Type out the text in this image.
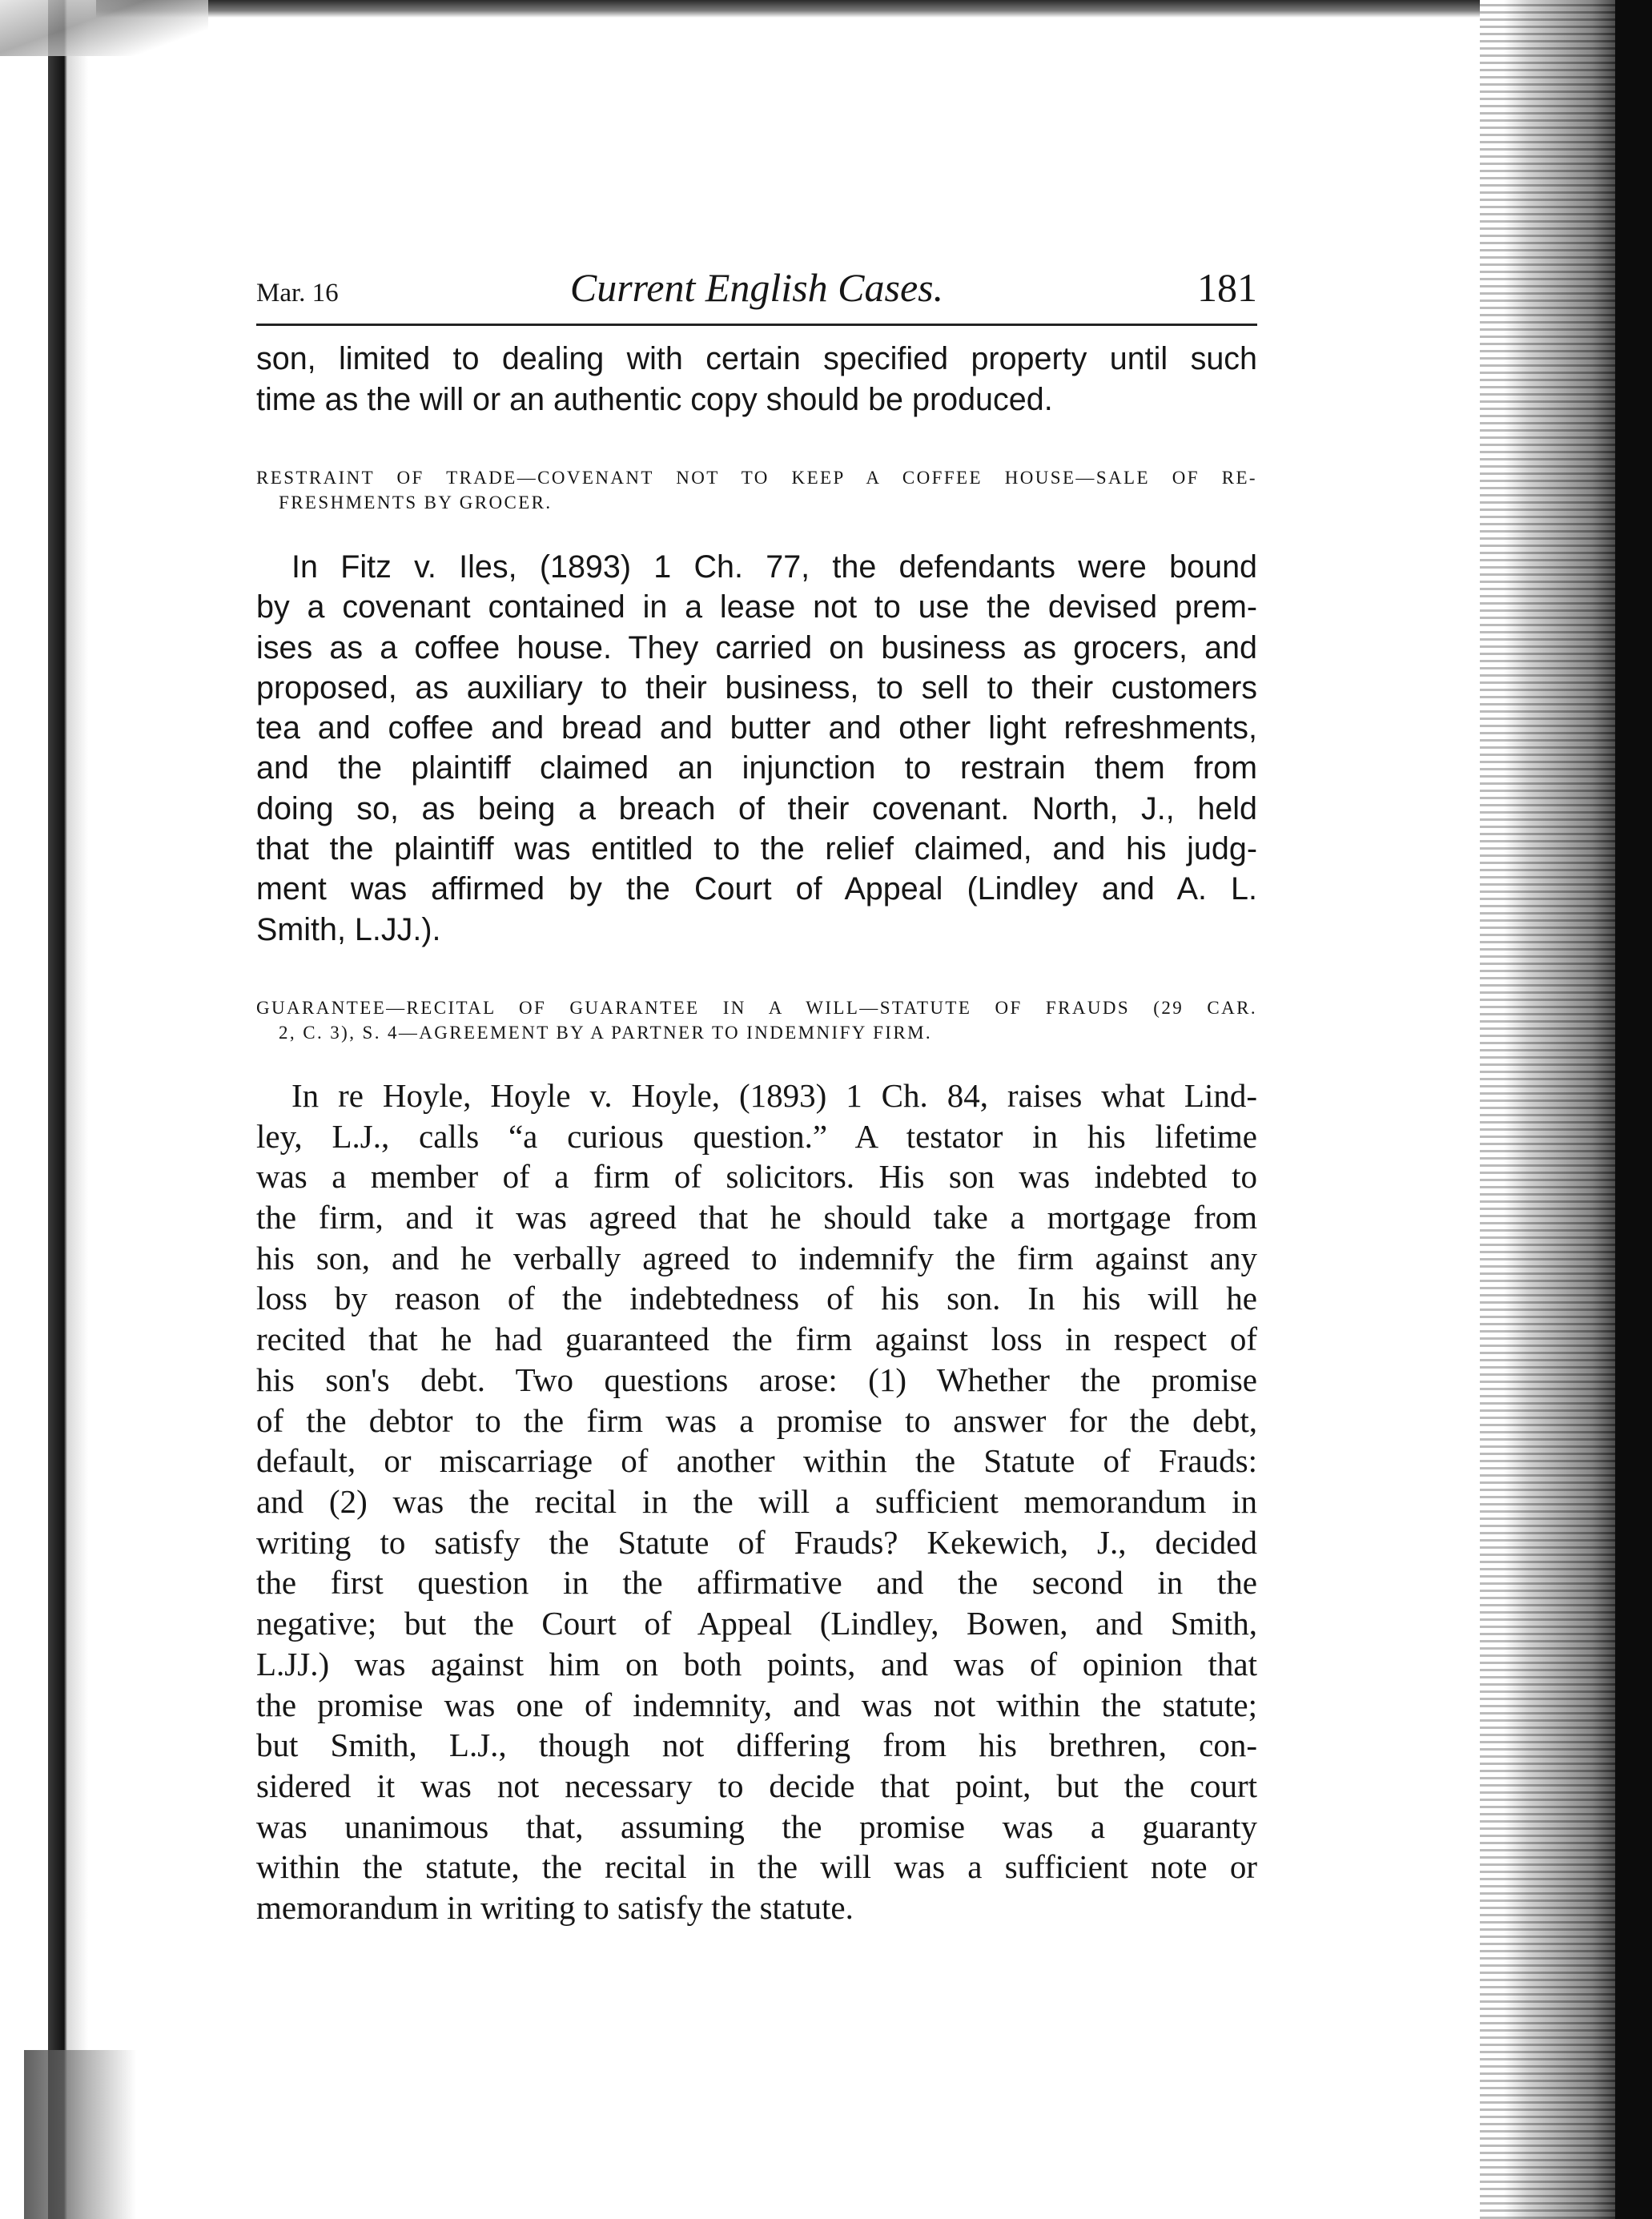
Mar. 16	Current English Cases.	181

son, limited to dealing with certain specified property until such
time as the will or an authentic copy should be produced.

RESTRAINT OF TRADE—COVENANT NOT TO KEEP A COFFEE HOUSE—SALE OF RE-
FRESHMENTS BY GROCER.

In Fitz v. Iles, (1893) 1 Ch. 77, the defendants were bound
by a covenant contained in a lease not to use the devised prem-
ises as a coffee house. They carried on business as grocers, and
proposed, as auxiliary to their business, to sell to their customers
tea and coffee and bread and butter and other light refreshments,
and the plaintiff claimed an injunction to restrain them from
doing so, as being a breach of their covenant. North, J., held
that the plaintiff was entitled to the relief claimed, and his judg-
ment was affirmed by the Court of Appeal (Lindley and A. L.
Smith, L.JJ.).

GUARANTEE—RECITAL OF GUARANTEE IN A WILL—STATUTE OF FRAUDS (29 CAR.
2, C. 3), S. 4—AGREEMENT BY A PARTNER TO INDEMNIFY FIRM.

In re Hoyle, Hoyle v. Hoyle, (1893) 1 Ch. 84, raises what Lind-
ley, L.J., calls “a curious question.” A testator in his lifetime
was a member of a firm of solicitors. His son was indebted to
the firm, and it was agreed that he should take a mortgage from
his son, and he verbally agreed to indemnify the firm against any
loss by reason of the indebtedness of his son. In his will he
recited that he had guaranteed the firm against loss in respect of
his son's debt. Two questions arose: (1) Whether the promise
of the debtor to the firm was a promise to answer for the debt,
default, or miscarriage of another within the Statute of Frauds:
and (2) was the recital in the will a sufficient memorandum in
writing to satisfy the Statute of Frauds? Kekewich, J., decided
the first question in the affirmative and the second in the
negative; but the Court of Appeal (Lindley, Bowen, and Smith,
L.JJ.) was against him on both points, and was of opinion that
the promise was one of indemnity, and was not within the statute;
but Smith, L.J., though not differing from his brethren, con-
sidered it was not necessary to decide that point, but the court
was unanimous that, assuming the promise was a guaranty
within the statute, the recital in the will was a sufficient note or
memorandum in writing to satisfy the statute.
